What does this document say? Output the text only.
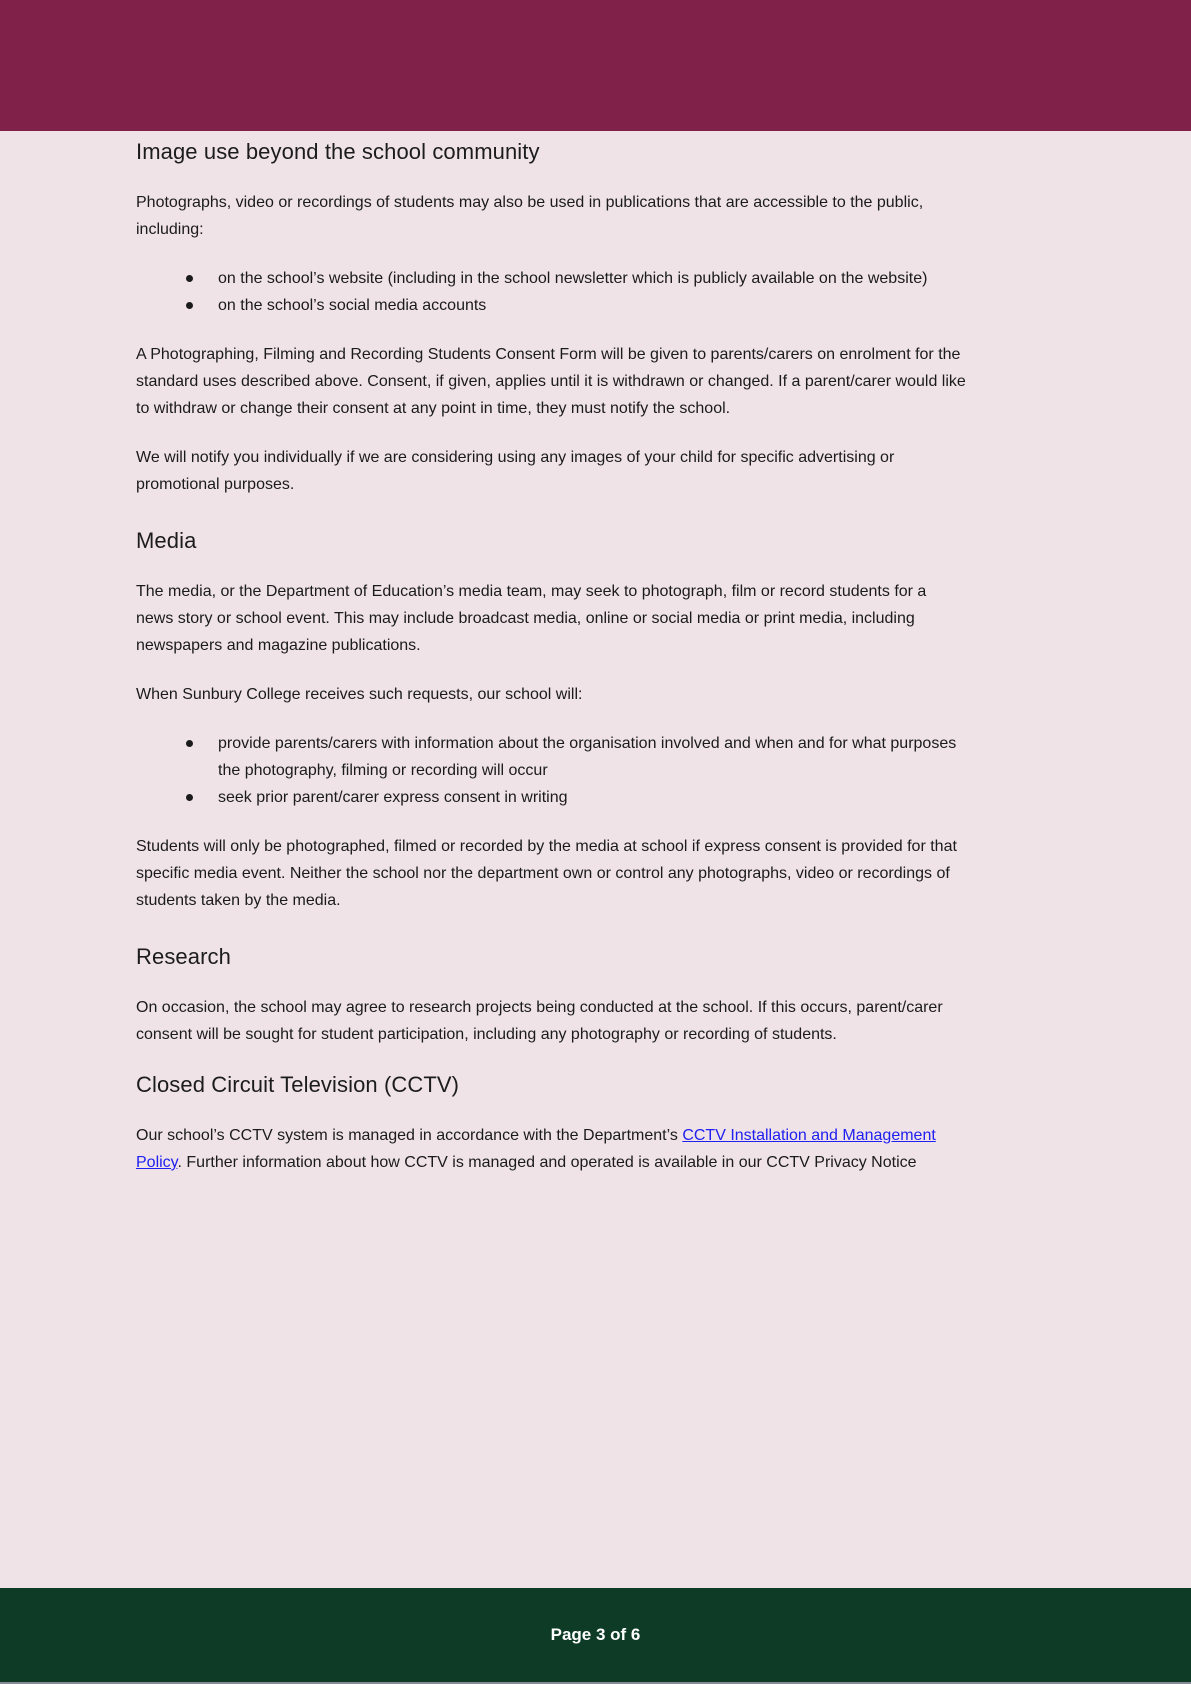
Image use beyond the school community

Photographs, video or recordings of students may also be used in publications that are accessible to the public, including:

on the school’s website (including in the school newsletter which is publicly available on the website)
on the school’s social media accounts

A Photographing, Filming and Recording Students Consent Form will be given to parents/carers on enrolment for the standard uses described above. Consent, if given, applies until it is withdrawn or changed. If a parent/carer would like to withdraw or change their consent at any point in time, they must notify the school.

We will notify you individually if we are considering using any images of your child for specific advertising or promotional purposes.

Media

The media, or the Department of Education’s media team, may seek to photograph, film or record students for a news story or school event. This may include broadcast media, online or social media or print media, including newspapers and magazine publications.

When Sunbury College receives such requests, our school will:

provide parents/carers with information about the organisation involved and when and for what purposes the photography, filming or recording will occur
seek prior parent/carer express consent in writing

Students will only be photographed, filmed or recorded by the media at school if express consent is provided for that specific media event. Neither the school nor the department own or control any photographs, video or recordings of students taken by the media.

Research

On occasion, the school may agree to research projects being conducted at the school. If this occurs, parent/carer consent will be sought for student participation, including any photography or recording of students.

Closed Circuit Television (CCTV)

Our school’s CCTV system is managed in accordance with the Department’s CCTV Installation and Management Policy. Further information about how CCTV is managed and operated is available in our CCTV Privacy Notice

Page 3 of 6
